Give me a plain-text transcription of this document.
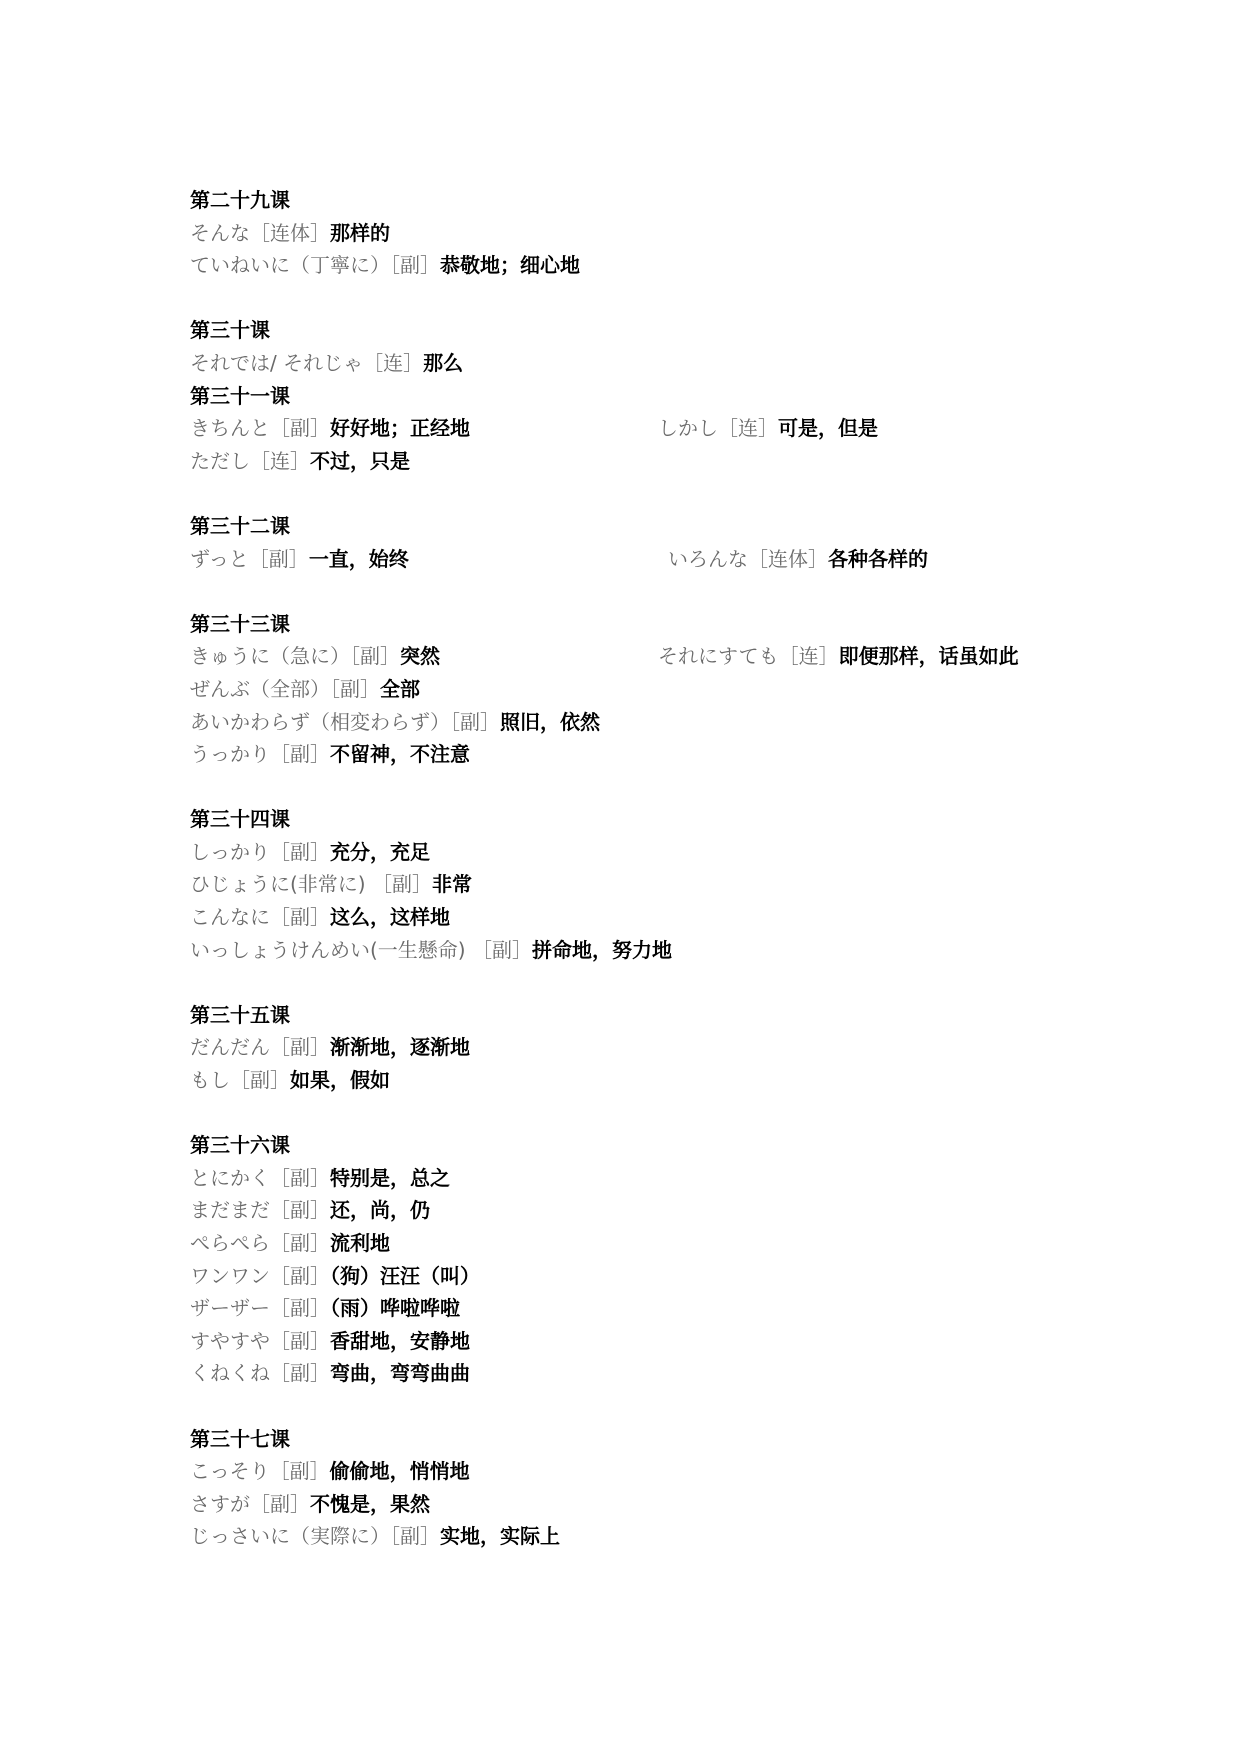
第二十九课
そんな［连体］那样的
ていねいに（丁寧に）［副］恭敬地；细心地
第三十课
それでは/ それじゃ［连］那么
第三十一课
きちんと［副］好好地；正经地	しかし［连］可是，但是
ただし［连］不过，只是
第三十二课
ずっと［副］一直，始终	いろんな［连体］各种各样的
第三十三课
きゅうに（急に）［副］突然	それにすても［连］即便那样，话虽如此
ぜんぶ（全部）［副］全部
あいかわらず（相変わらず）［副］照旧，依然
うっかり［副］不留神，不注意
第三十四课
しっかり［副］充分，充足
ひじょうに(非常に) ［副］非常
こんなに［副］这么，这样地
いっしょうけんめい(一生懸命) ［副］拼命地，努力地
第三十五课
だんだん［副］渐渐地，逐渐地
もし［副］如果，假如
第三十六课
とにかく［副］特别是，总之
まだまだ［副］还，尚，仍
ぺらぺら［副］流利地
ワンワン［副］（狗）汪汪（叫）
ザーザー［副］（雨）哗啦哗啦
すやすや［副］香甜地，安静地
くねくね［副］弯曲，弯弯曲曲
第三十七课
こっそり［副］偷偷地，悄悄地
さすが［副］不愧是，果然
じっさいに（実際に）［副］实地，实际上
